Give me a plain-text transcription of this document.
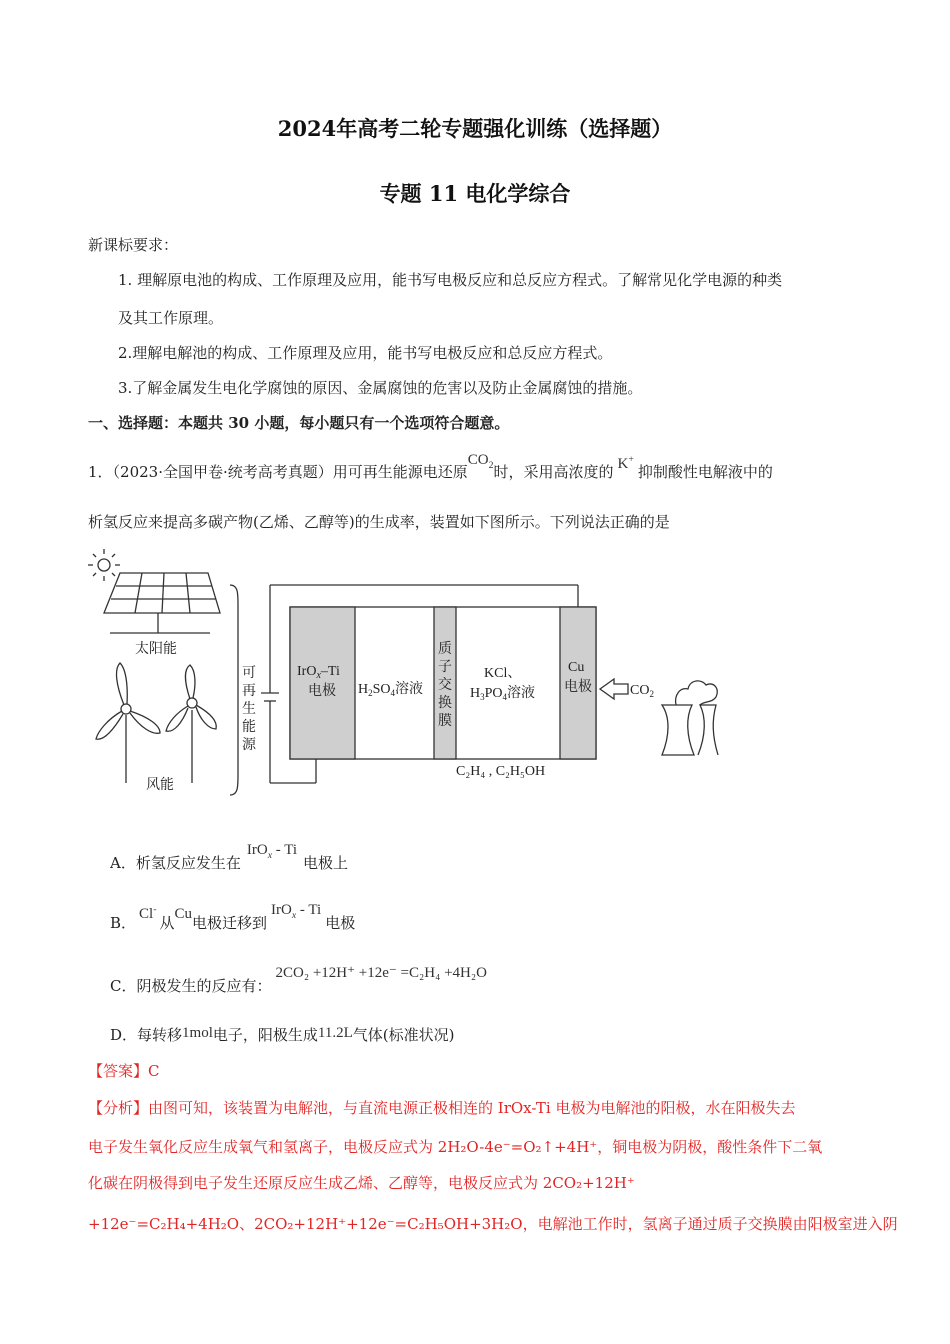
2024年高考二轮专题强化训练（选择题）
专题 11 电化学综合
新课标要求：
1. 理解原电池的构成、工作原理及应用，能书写电极反应和总反应方程式。了解常见化学电源的种类
及其工作原理。
2.理解电解池的构成、工作原理及应用，能书写电极反应和总反应方程式。
3.了解金属发生电化学腐蚀的原因、金属腐蚀的危害以及防止金属腐蚀的措施。
一、选择题：本题共 30 小题，每小题只有一个选项符合题意。
1．（2023·全国甲卷·统考高考真题）用可再生能源电还原$CO_2$时，采用高浓度的 K+抑制酸性电解液中的
析氢反应来提高多碳产物(乙烯、乙醇等)的生成率，装置如下图所示。下列说法正确的是
太阳能
风能
可
再
生
能
源
IrO$_x$–Ti
电极 $H_2SO_4$溶液
质
子
交
换
膜
KCl、
$H_3PO_4$溶液
Cu
电极	$CO_2$
C₂H₄ , C₂H₅OH
A．析氢反应发生在IrO$_x$ - Ti电极上
B． Cl-从Cu电极迁移到IrO$_x$ - Ti电极
C．阴极发生的反应有：2CO₂ +12H⁺ +12e⁻ =C₂H₄ +4H₂O
D．每转移1mol电子，阳极生成11.2L气体(标准状况)
【答案】C
【分析】由图可知，该装置为电解池，与直流电源正极相连的 IrOx-Ti 电极为电解池的阳极，水在阳极失去
电子发生氧化反应生成氧气和氢离子，电极反应式为 2H₂O-4e⁻=O₂↑+4H⁺，铜电极为阴极，酸性条件下二氧
化碳在阴极得到电子发生还原反应生成乙烯、乙醇等，电极反应式为 2CO₂+12H⁺
+12e⁻=C₂H₄+4H₂O、2CO₂+12H⁺+12e⁻=C₂H₅OH+3H₂O，电解池工作时，氢离子通过质子交换膜由阳极室进入阴
